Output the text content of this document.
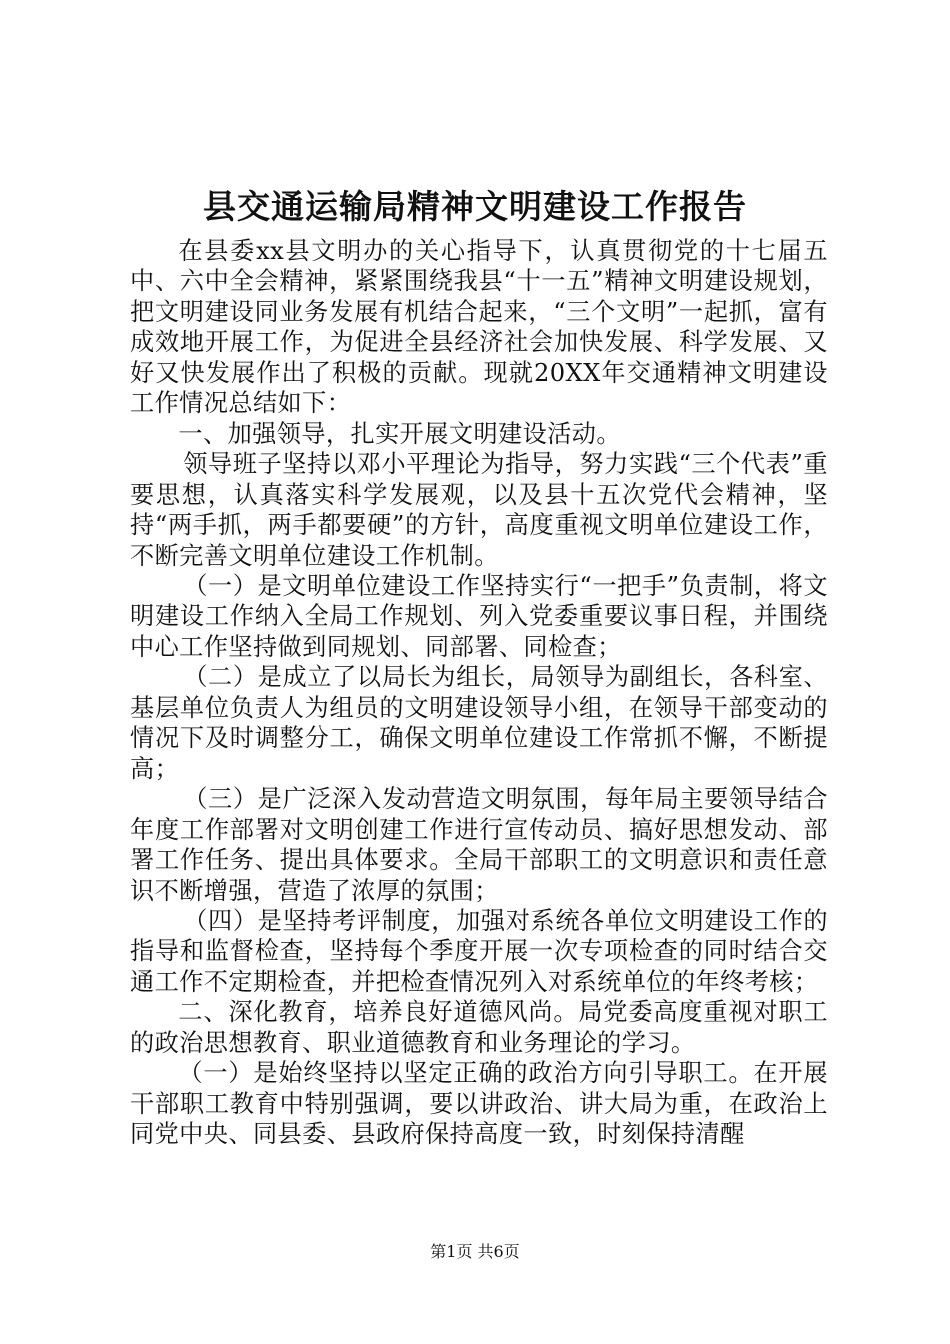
县交通运输局精神文明建设工作报告

在县委xx县文明办的关心指导下，认真贯彻党的十七届五中、六中全会精神，紧紧围绕我县“十一五”精神文明建设规划，把文明建设同业务发展有机结合起来，“三个文明”一起抓，富有成效地开展工作，为促进全县经济社会加快发展、科学发展、又好又快发展作出了积极的贡献。现就20XX年交通精神文明建设工作情况总结如下：

一、加强领导，扎实开展文明建设活动。

领导班子坚持以邓小平理论为指导，努力实践“三个代表”重要思想，认真落实科学发展观，以及县十五次党代会精神，坚持“两手抓，两手都要硬”的方针，高度重视文明单位建设工作，不断完善文明单位建设工作机制。

（一）是文明单位建设工作坚持实行“一把手”负责制，将文明建设工作纳入全局工作规划、列入党委重要议事日程，并围绕中心工作坚持做到同规划、同部署、同检查；

（二）是成立了以局长为组长，局领导为副组长，各科室、基层单位负责人为组员的文明建设领导小组，在领导干部变动的情况下及时调整分工，确保文明单位建设工作常抓不懈，不断提高；

（三）是广泛深入发动营造文明氛围，每年局主要领导结合年度工作部署对文明创建工作进行宣传动员、搞好思想发动、部署工作任务、提出具体要求。全局干部职工的文明意识和责任意识不断增强，营造了浓厚的氛围；

（四）是坚持考评制度，加强对系统各单位文明建设工作的指导和监督检查，坚持每个季度开展一次专项检查的同时结合交通工作不定期检查，并把检查情况列入对系统单位的年终考核；

二、深化教育，培养良好道德风尚。局党委高度重视对职工的政治思想教育、职业道德教育和业务理论的学习。

（一）是始终坚持以坚定正确的政治方向引导职工。在开展干部职工教育中特别强调，要以讲政治、讲大局为重，在政治上同党中央、同县委、县政府保持高度一致，时刻保持清醒

第1页 共6页
